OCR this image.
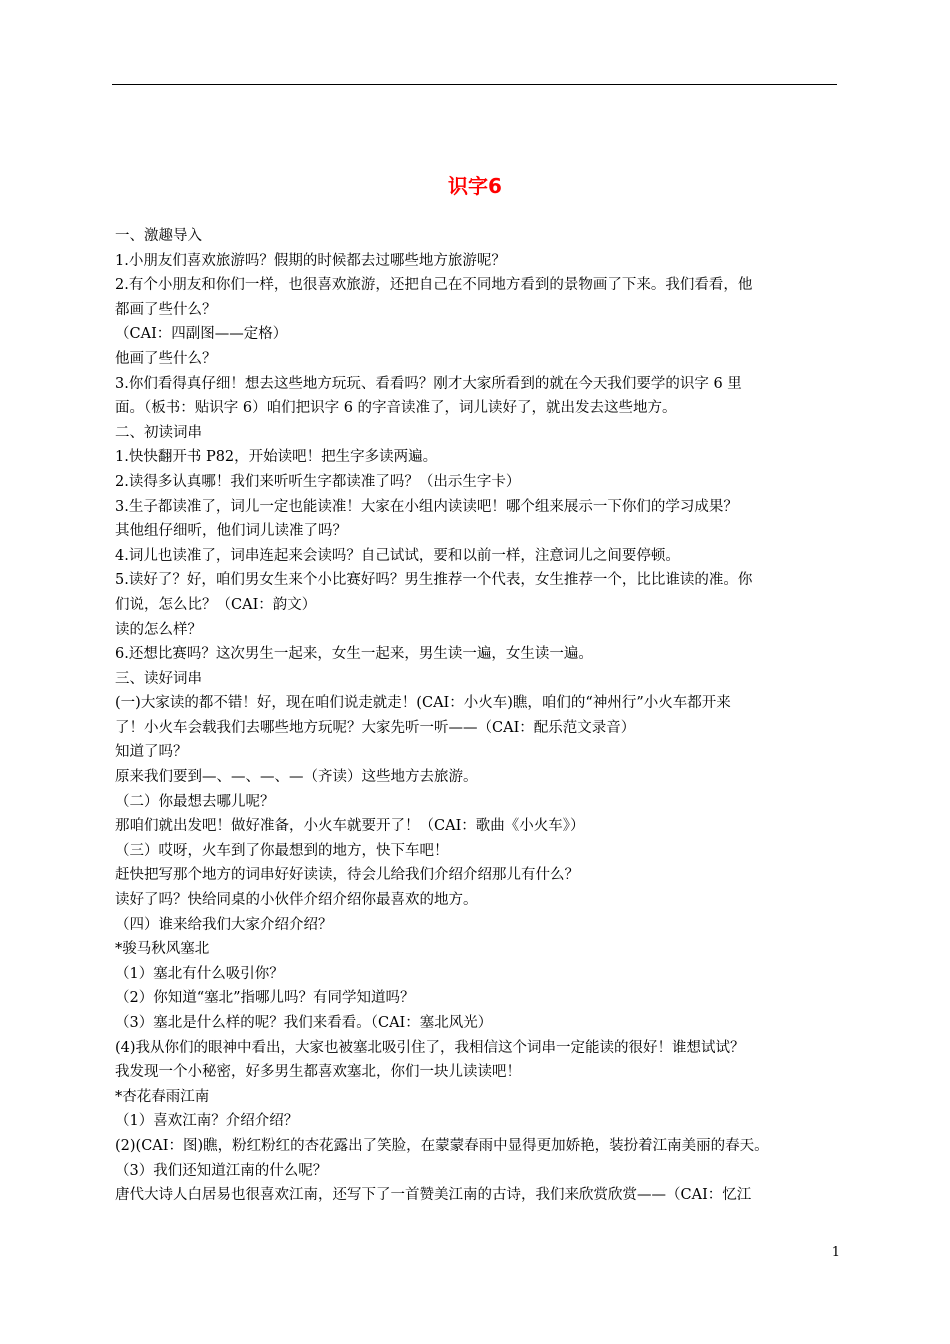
识字6
一、激趣导入
1.小朋友们喜欢旅游吗？假期的时候都去过哪些地方旅游呢？
2.有个小朋友和你们一样，也很喜欢旅游，还把自己在不同地方看到的景物画了下来。我们看看，他
都画了些什么？
（CAI：四副图——定格）
他画了些什么？
3.你们看得真仔细！想去这些地方玩玩、看看吗？刚才大家所看到的就在今天我们要学的识字 6 里
面。（板书：贴识字 6）咱们把识字 6 的字音读准了，词儿读好了，就出发去这些地方。
二、初读词串
1.快快翻开书 P82，开始读吧！把生字多读两遍。
2.读得多认真哪！我们来听听生字都读准了吗？（出示生字卡）
3.生子都读准了，词儿一定也能读准！大家在小组内读读吧！哪个组来展示一下你们的学习成果？
其他组仔细听，他们词儿读准了吗？
4.词儿也读准了，词串连起来会读吗？自己试试，要和以前一样，注意词儿之间要停顿。
5.读好了？好，咱们男女生来个小比赛好吗？男生推荐一个代表，女生推荐一个，比比谁读的准。你
们说，怎么比？（CAI：韵文）
读的怎么样？
6.还想比赛吗？这次男生一起来，女生一起来，男生读一遍，女生读一遍。
三、读好词串
(一)大家读的都不错！好，现在咱们说走就走！(CAI：小火车)瞧，咱们的“神州行”小火车都开来
了！小火车会载我们去哪些地方玩呢？大家先听一听——（CAI：配乐范文录音）
知道了吗？
原来我们要到—、—、—、—（齐读）这些地方去旅游。
（二）你最想去哪儿呢？
那咱们就出发吧！做好准备，小火车就要开了！（CAI：歌曲《小火车》）
（三）哎呀，火车到了你最想到的地方，快下车吧！
赶快把写那个地方的词串好好读读，待会儿给我们介绍介绍那儿有什么？
读好了吗？快给同桌的小伙伴介绍介绍你最喜欢的地方。
（四）谁来给我们大家介绍介绍？
*骏马秋风塞北
（1）塞北有什么吸引你？
（2）你知道“塞北”指哪儿吗？有同学知道吗？
（3）塞北是什么样的呢？我们来看看。（CAI：塞北风光）
(4)我从你们的眼神中看出，大家也被塞北吸引住了，我相信这个词串一定能读的很好！谁想试试？
我发现一个小秘密，好多男生都喜欢塞北，你们一块儿读读吧！
*杏花春雨江南
（1）喜欢江南？介绍介绍？
(2)(CAI：图)瞧，粉红粉红的杏花露出了笑脸，在蒙蒙春雨中显得更加娇艳，装扮着江南美丽的春天。
（3）我们还知道江南的什么呢？
唐代大诗人白居易也很喜欢江南，还写下了一首赞美江南的古诗，我们来欣赏欣赏——（CAI：忆江
1
